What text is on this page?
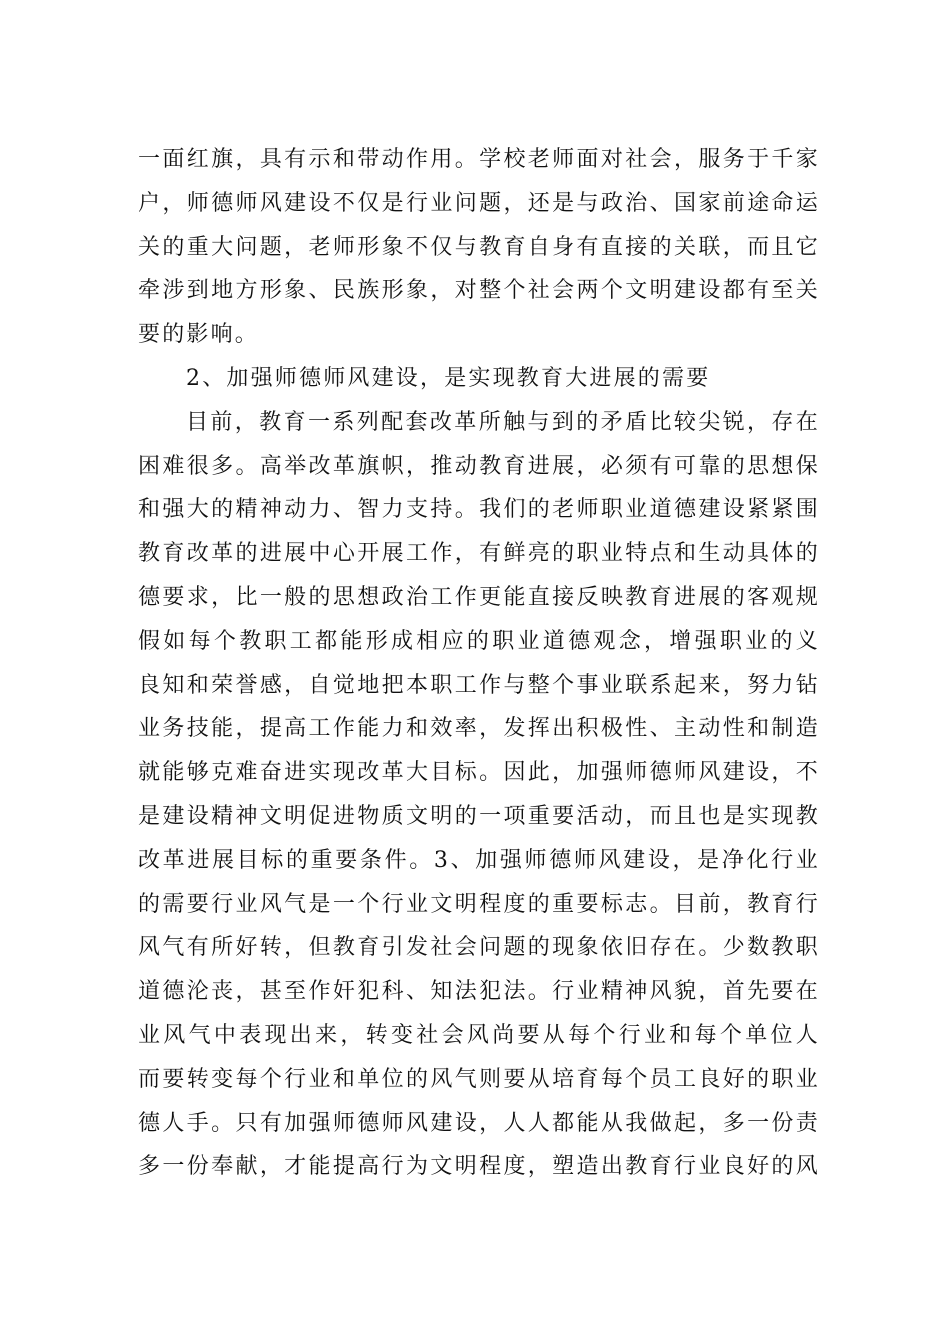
一面红旗，具有示和带动作用。学校老师面对社会，服务于千家
户，师德师风建设不仅是行业问题，还是与政治、国家前途命运
关的重大问题，老师形象不仅与教育自身有直接的关联，而且它
牵涉到地方形象、民族形象，对整个社会两个文明建设都有至关
要的影响。
2、加强师德师风建设，是实现教育大进展的需要
目前，教育一系列配套改革所触与到的矛盾比较尖锐，存在
困难很多。高举改革旗帜，推动教育进展，必须有可靠的思想保
和强大的精神动力、智力支持。我们的老师职业道德建设紧紧围
教育改革的进展中心开展工作，有鲜亮的职业特点和生动具体的
德要求，比一般的思想政治工作更能直接反映教育进展的客观规
假如每个教职工都能形成相应的职业道德观念，增强职业的义
良知和荣誉感，自觉地把本职工作与整个事业联系起来，努力钻
业务技能，提高工作能力和效率，发挥出积极性、主动性和制造
就能够克难奋进实现改革大目标。因此，加强师德师风建设，不
是建设精神文明促进物质文明的一项重要活动，而且也是实现教
改革进展目标的重要条件。3、加强师德师风建设，是净化行业
的需要行业风气是一个行业文明程度的重要标志。目前，教育行
风气有所好转，但教育引发社会问题的现象依旧存在。少数教职
道德沦丧，甚至作奸犯科、知法犯法。行业精神风貌，首先要在
业风气中表现出来，转变社会风尚要从每个行业和每个单位人
而要转变每个行业和单位的风气则要从培育每个员工良好的职业
德人手。只有加强师德师风建设，人人都能从我做起，多一份责
多一份奉献，才能提高行为文明程度，塑造出教育行业良好的风
